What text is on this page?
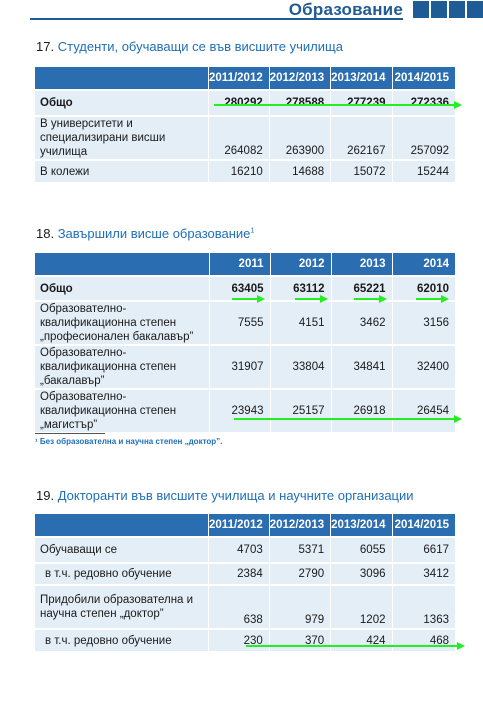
Образование
17. Студенти, обучаващи се във висшите училища
	2011/2012	2012/2013	2013/2014	2014/2015
Общо	280292	278588	277239	272336
В университети и специализирани висши училища	264082	263900	262167	257092
В колежи	16210	14688	15072	15244
18. Завършили висше образование$^1$
	2011	2012	2013	2014
Общо	63405	63112	65221	62010
Образователно-квалификационна степен „професионален бакалавър”	7555	4151	3462	3156
Образователно-квалификационна степен „бакалавър”	31907	33804	34841	32400
Образователно-квалификационна степен „магистър”	23943	25157	26918	26454
¹ Без образователна и научна степен „доктор”.
19. Докторанти във висшите училища и научните организации
	2011/2012	2012/2013	2013/2014	2014/2015
Обучаващи се	4703	5371	6055	6617
в т.ч. редовно обучение	2384	2790	3096	3412
Придобили образователна и научна степен „доктор”	638	979	1202	1363
в т.ч. редовно обучение	230	370	424	468
